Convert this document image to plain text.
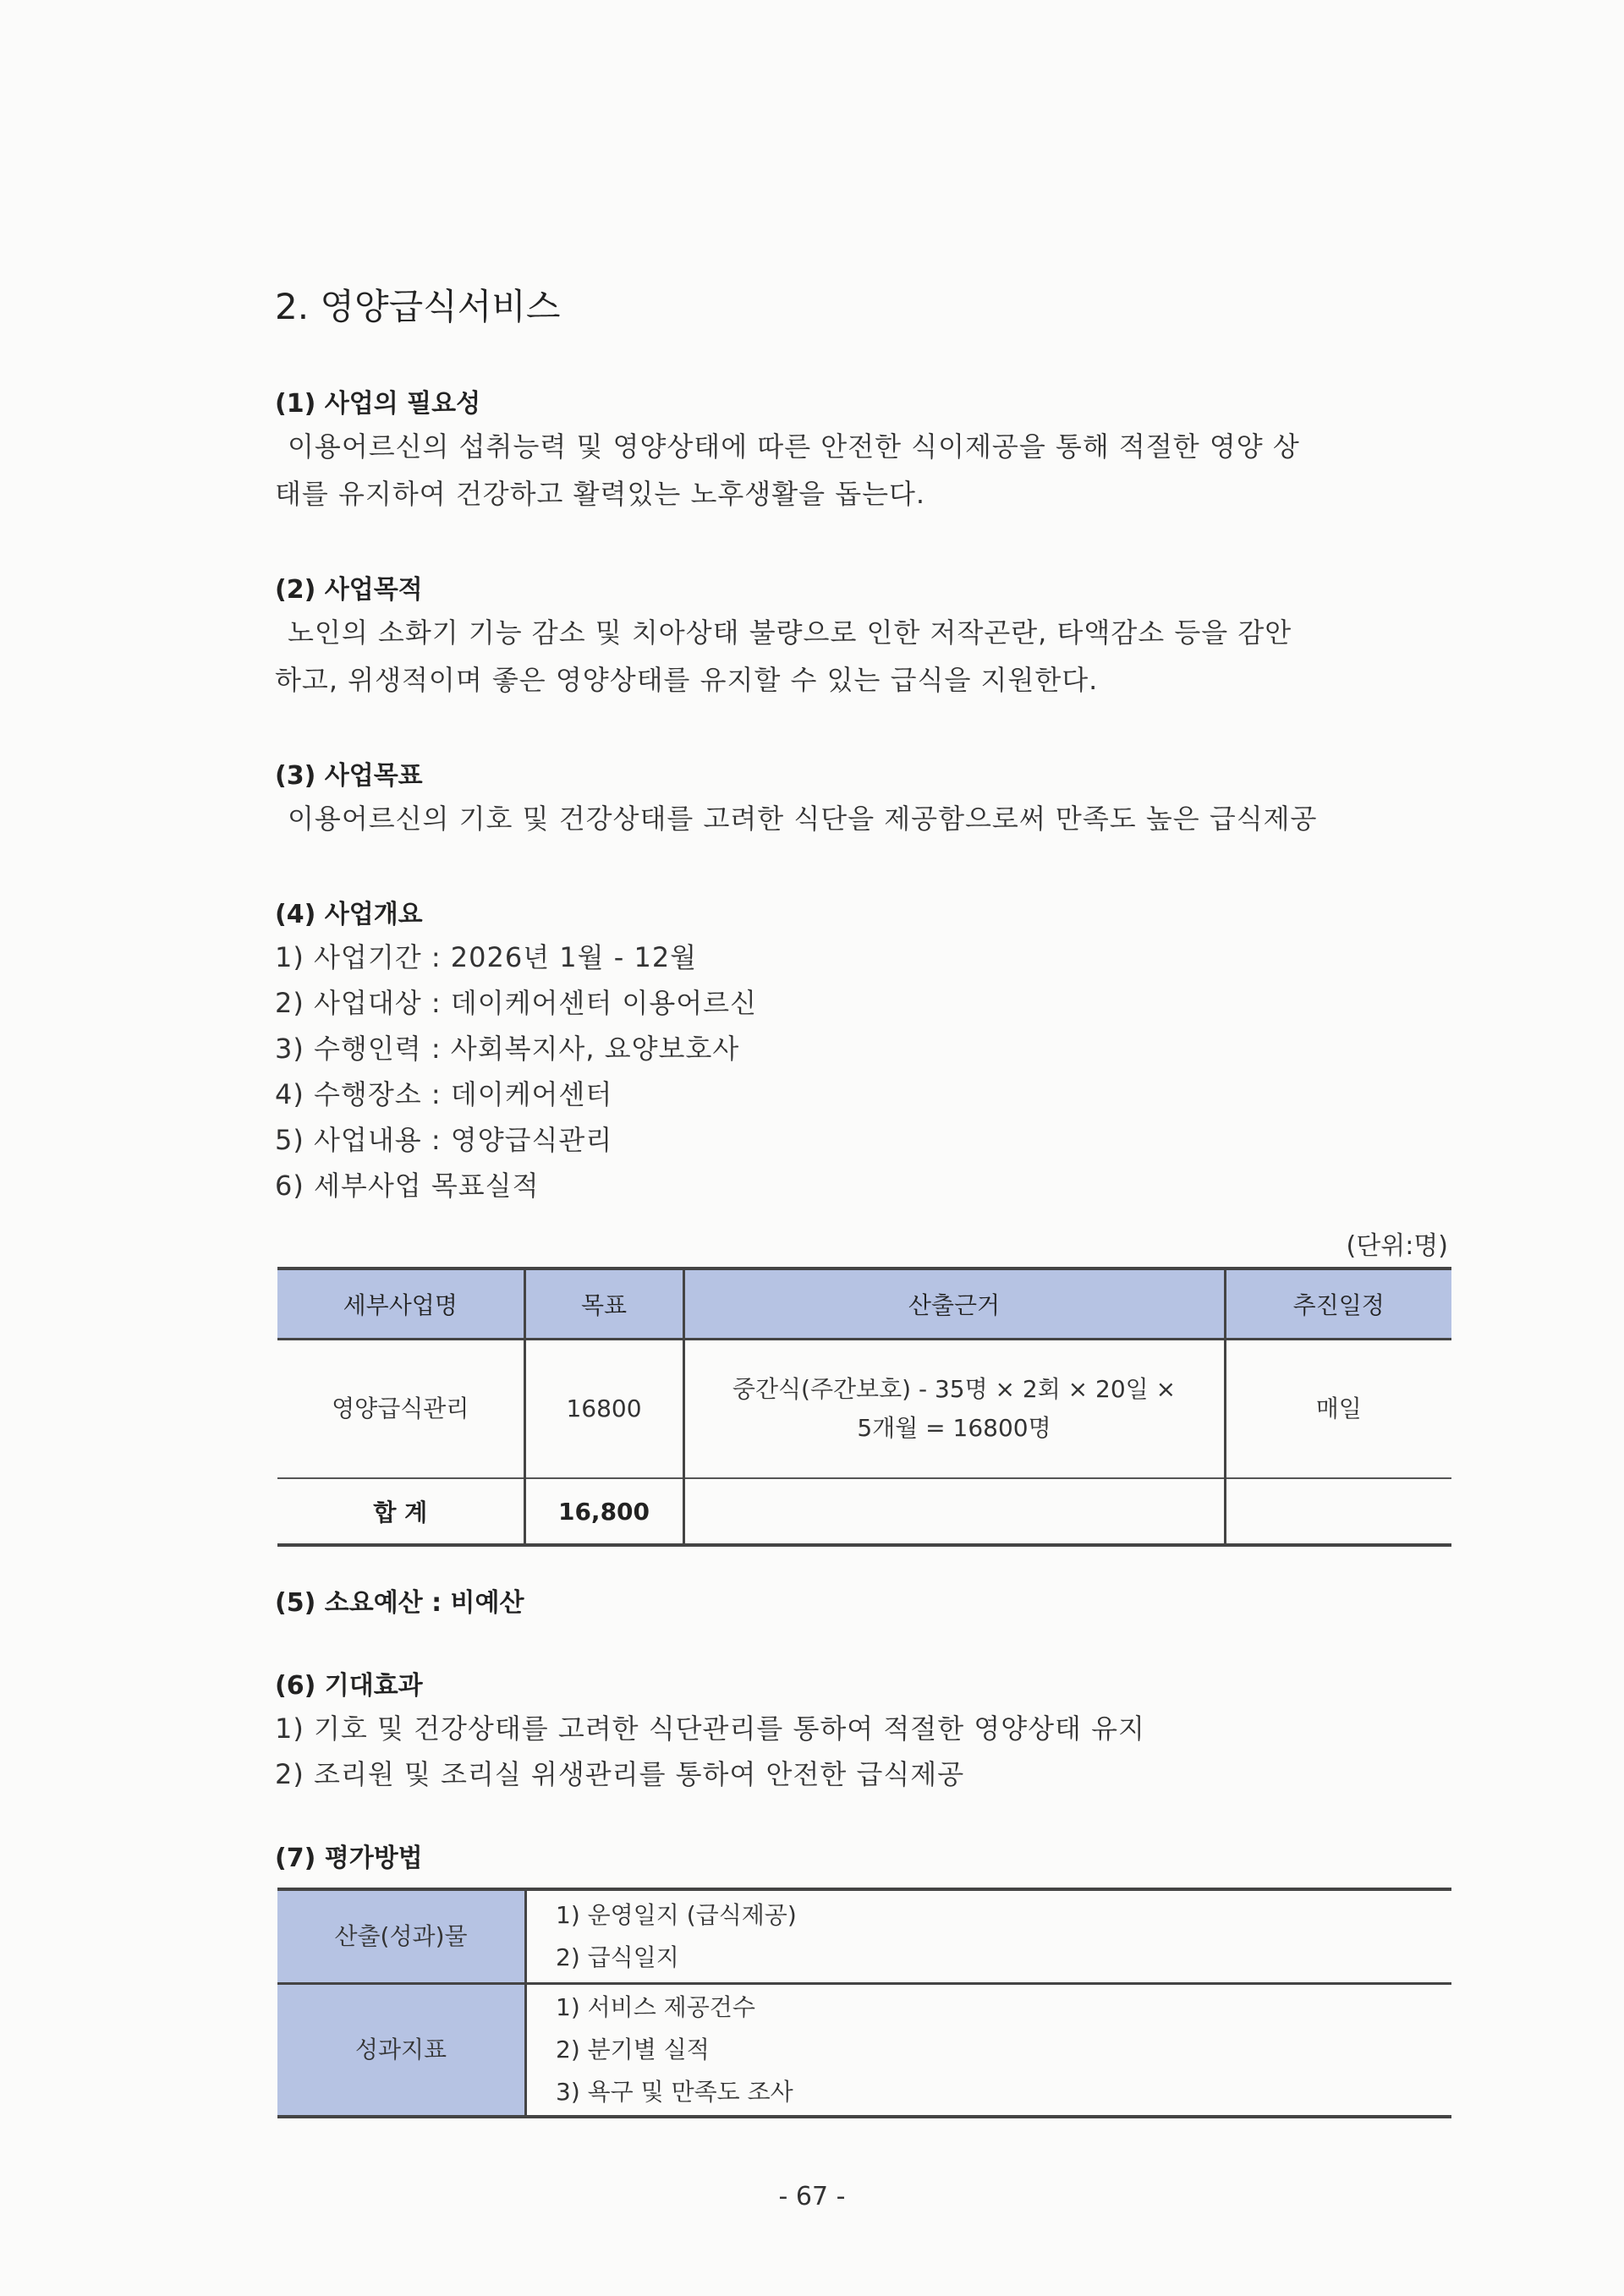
2. 영양급식서비스
(1) 사업의 필요성
이용어르신의 섭취능력 및 영양상태에 따른 안전한 식이제공을 통해 적절한 영양 상
태를 유지하여 건강하고 활력있는 노후생활을 돕는다.
(2) 사업목적
노인의 소화기 기능 감소 및 치아상태 불량으로 인한 저작곤란, 타액감소 등을 감안
하고, 위생적이며 좋은 영양상태를 유지할 수 있는 급식을 지원한다.
(3) 사업목표
이용어르신의 기호 및 건강상태를 고려한 식단을 제공함으로써 만족도 높은 급식제공
(4) 사업개요
1) 사업기간 : 2026년 1월 - 12월
2) 사업대상 : 데이케어센터 이용어르신
3) 수행인력 : 사회복지사, 요양보호사
4) 수행장소 : 데이케어센터
5) 사업내용 : 영양급식관리
6) 세부사업 목표실적
(단위:명)
세부사업명	목표	산출근거	추진일정
영양급식관리	16800	중간식(주간보호) - 35명 × 2회 × 20일 ×
5개월 = 16800명	매일
합 계	16,800		
(5) 소요예산 : 비예산
(6) 기대효과
1) 기호 및 건강상태를 고려한 식단관리를 통하여 적절한 영양상태 유지
2) 조리원 및 조리실 위생관리를 통하여 안전한 급식제공
(7) 평가방법
산출(성과)물	1) 운영일지 (급식제공)
2) 급식일지

성과지표	1) 서비스 제공건수
2) 분기별 실적
3) 욕구 및 만족도 조사
- 67 -
